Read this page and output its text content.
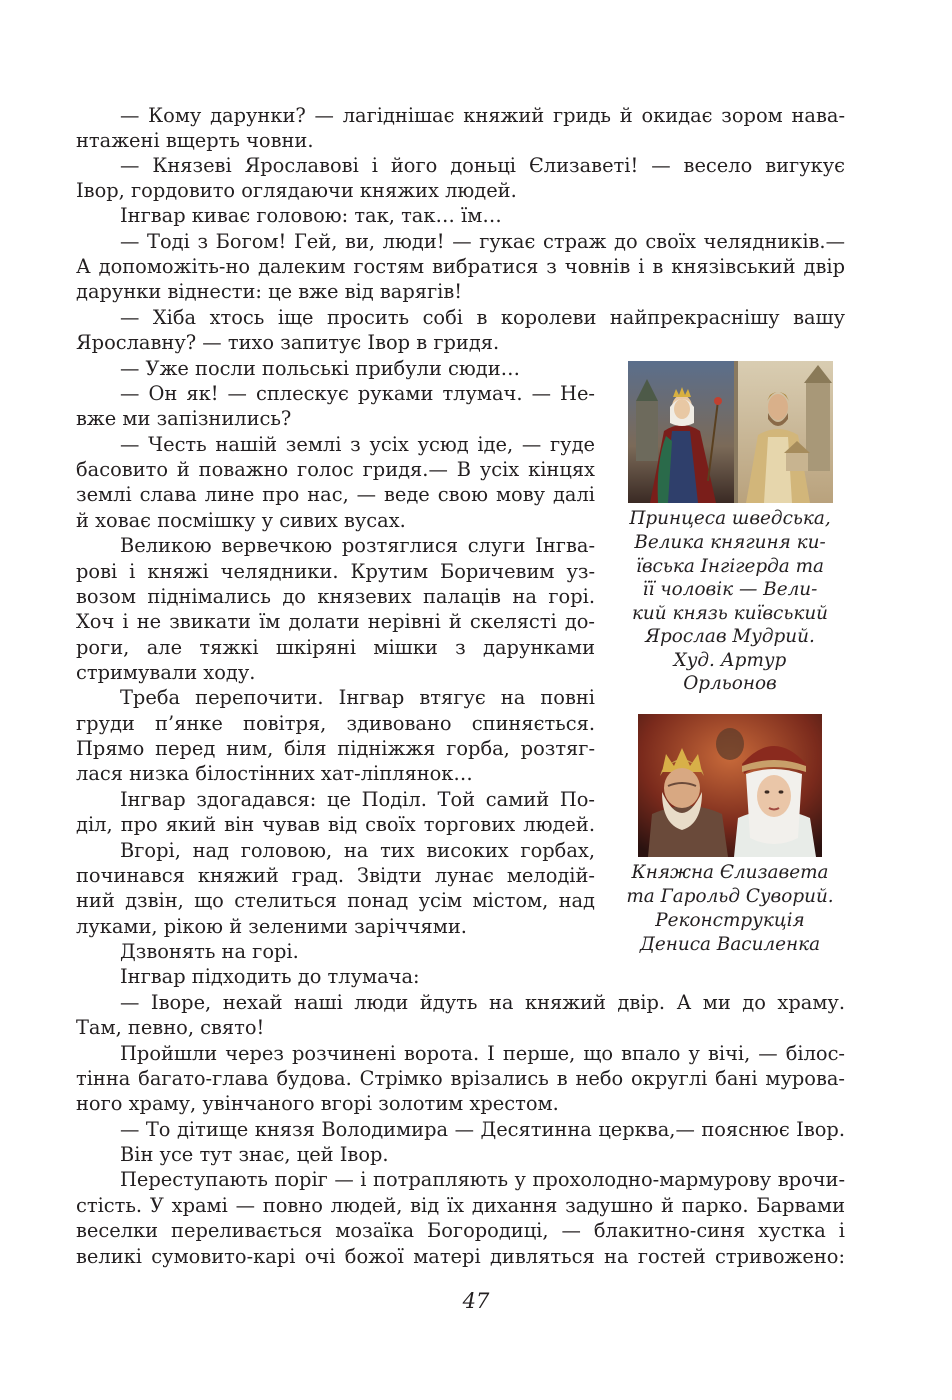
— Кому дарунки? — лагіднішає княжий гридь й окидає зором нава-
нтажені вщерть човни.
— Князеві Ярославові і його доньці Єлизаветі! — весело вигукує
Івор, гордовито оглядаючи княжих людей.
Інгвар киває головою: так, так… їм…
— Тоді з Богом! Гей, ви, люди! — гукає страж до своїх челядників.—
А допоможіть-но далеким гостям вибратися з човнів і в князівський двір
дарунки віднести: це вже від варягів!
— Хіба хтось іще просить собі в королеви найпрекраснішу вашу
Ярославну? — тихо запитує Івор в гридя.
— Уже посли польські прибули сюди…
— Он як! — сплескує руками тлумач. — Не-
вже ми запізнились?
— Честь нашій землі з усіх усюд іде, — гуде
басовито й поважно голос гридя.— В усіх кінцях
землі слава лине про нас, — веде свою мову далі
й ховає посмішку у сивих вусах.
Великою вервечкою розтяглися слуги Інгва-
рові і княжі челядники. Крутим Боричевим уз-
возом піднімались до князевих палаців на горі.
Хоч і не звикати їм долати нерівні й скелясті до-
роги, але тяжкі шкіряні мішки з дарунками
стримували ходу.
Треба перепочити. Інгвар втягує на повні
груди п’янке повітря, здивовано спиняється.
Прямо перед ним, біля підніжжя горба, розтяг-
лася низка білостінних хат-ліплянок…
Інгвар здогадався: це Поділ. Той самий По-
діл, про який він чував від своїх торгових людей.
Вгорі, над головою, на тих високих горбах,
починався княжий град. Звідти лунає мелодій-
ний дзвін, що стелиться понад усім містом, над
луками, рікою й зеленими заріччями.
Дзвонять на горі.
Інгвар підходить до тлумача:
— Іворе, нехай наші люди йдуть на княжий двір. А ми до храму.
Там, певно, свято!
Пройшли через розчинені ворота. І перше, що впало у вічі, — білос-
тінна багато-глава будова. Стрімко врізались в небо округлі бані мурова-
ного храму, увінчаного вгорі золотим хрестом.
— То дітище князя Володимира — Десятинна церква,— пояснює Івор.
Він усе тут знає, цей Івор.
Переступають поріг — і потрапляють у прохолодно-мармурову врочи-
стість. У храмі — повно людей, від їх дихання задушно й парко. Барвами
веселки переливається мозаїка Богородиці, — блакитно-синя хустка і
великі сумовито-карі очі божої матері дивляться на гостей стривожено:
Принцеса шведська,
Велика княгиня ки-
ївська Інгігерда та
її чоловік — Вели-
кий князь київський
Ярослав Мудрий.
Худ. Артур
Орльонов
Княжна Єлизавета
та Гарольд Суворий.
Реконструкція
Дениса Василенка
47
